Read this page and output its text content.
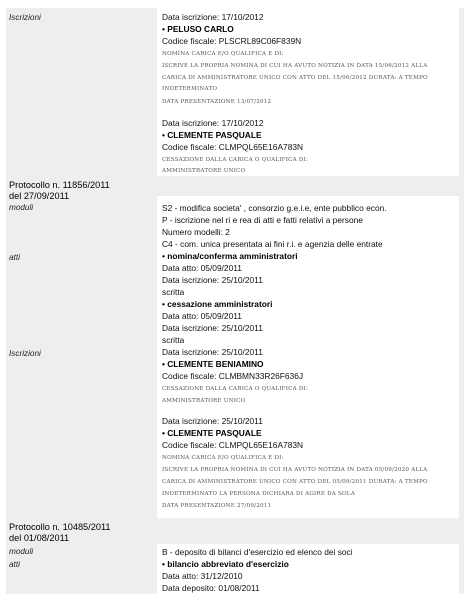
Iscrizioni	Data iscrizione: 17/10/2012
• PELUSO CARLO
Codice fiscale: PLSCRL89C06F839N
NOMINA CARICA E/O QUALIFICA E DI:
ISCRIVE LA PROPRIA NOMINA DI CUI HA AVUTO NOTIZIA IN DATA 15/06/2012 ALLA
CARICA DI AMMINISTRATORE UNICO CON ATTO DEL 15/06/2012 DURATA: A TEMPO
INDETERMINATO
DATA PRESENTAZIONE 13/07/2012
Data iscrizione: 17/10/2012
• CLEMENTE PASQUALE
Codice fiscale: CLMPQL65E16A783N
CESSAZIONE DALLA CARICA O QUALIFICA DI:
AMMINISTRATORE UNICO
Protocollo n. 11856/2011
del 27/09/2011
moduli	S2 - modifica societa' , consorzio g.e.i.e, ente pubblico econ.
P - iscrizione nel ri e rea di atti e fatti relativi a persone
Numero modelli: 2
C4 - com. unica presentata ai fini r.i. e agenzia delle entrate
atti	• nomina/conferma amministratori
Data atto: 05/09/2011
Data iscrizione: 25/10/2011
scritta
• cessazione amministratori
Data atto: 05/09/2011
Data iscrizione: 25/10/2011
scritta
Iscrizioni	Data iscrizione: 25/10/2011
• CLEMENTE BENIAMINO
Codice fiscale: CLMBMN33R26F636J
CESSAZIONE DALLA CARICA O QUALIFICA DI:
AMMINISTRATORE UNICO
Data iscrizione: 25/10/2011
• CLEMENTE PASQUALE
Codice fiscale: CLMPQL65E16A783N
NOMINA CARICA E/O QUALIFICA E DI:
ISCRIVE LA PROPRIA NOMINA DI CUI HA AVUTO NOTIZIA IN DATA 05/09/2020 ALLA
CARICA DI AMMINISTRATORE UNICO CON ATTO DEL 05/09/2011 DURATA: A TEMPO
INDETERMINATO LA PERSONA DICHIARA DI AGIRE DA SOLA
DATA PRESENTAZIONE 27/09/2011
Protocollo n. 10485/2011
del 01/08/2011
moduli	B - deposito di bilanci d'esercizio ed elenco dei soci
atti	• bilancio abbreviato d'esercizio
Data atto: 31/12/2010
Data deposito: 01/08/2011
